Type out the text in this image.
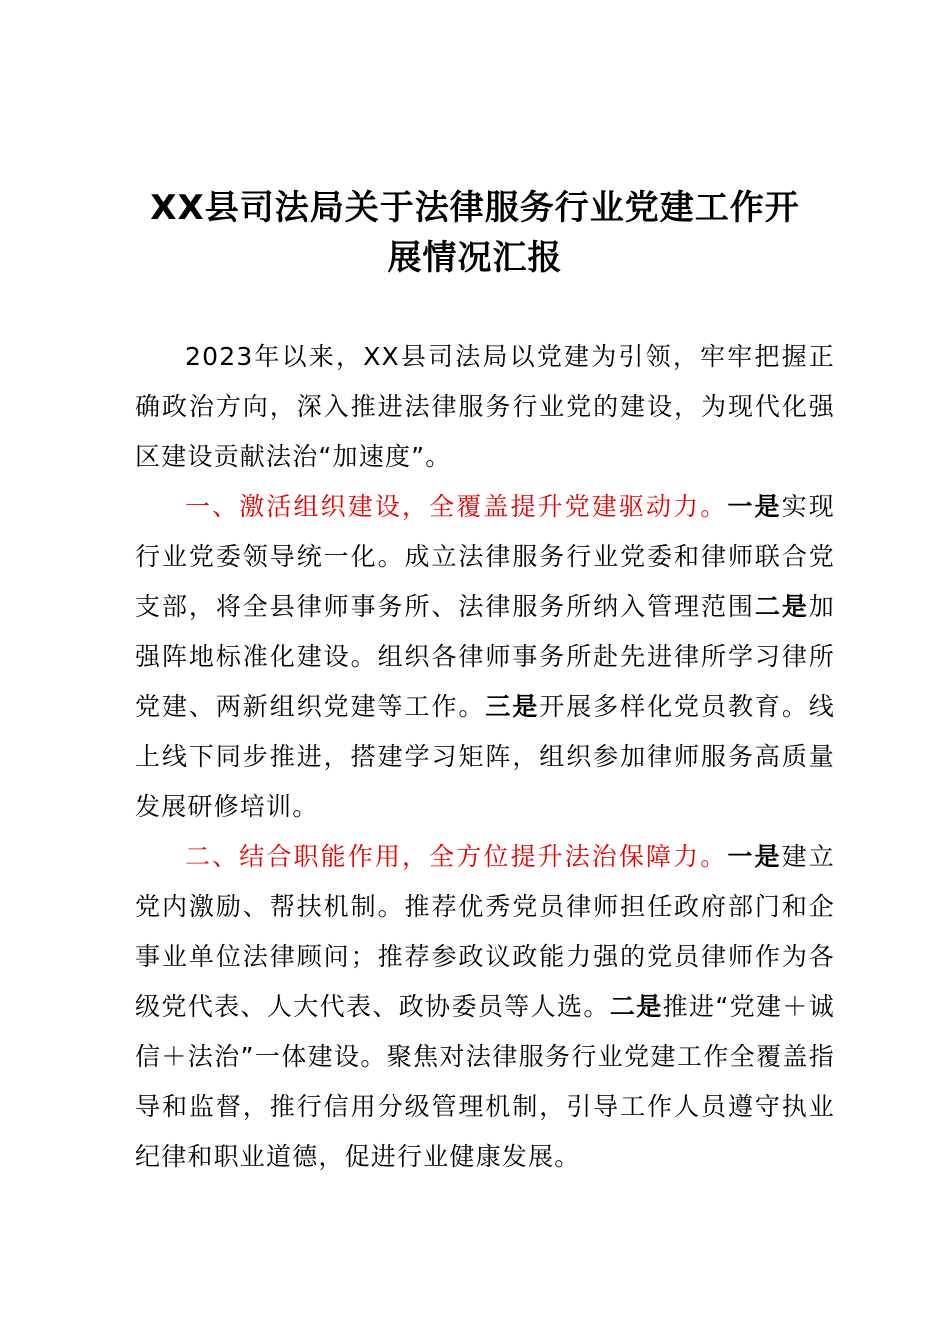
XX县司法局关于法律服务行业党建工作开
展情况汇报

2023年以来，XX县司法局以党建为引领，牢牢把握正确政治方向，深入推进法律服务行业党的建设，为现代化强区建设贡献法治“加速度”。

一、激活组织建设，全覆盖提升党建驱动力。一是实现行业党委领导统一化。成立法律服务行业党委和律师联合党支部，将全县律师事务所、法律服务所纳入管理范围二是加强阵地标准化建设。组织各律师事务所赴先进律所学习律所党建、两新组织党建等工作。三是开展多样化党员教育。线上线下同步推进，搭建学习矩阵，组织参加律师服务高质量发展研修培训。

二、结合职能作用，全方位提升法治保障力。一是建立党内激励、帮扶机制。推荐优秀党员律师担任政府部门和企事业单位法律顾问；推荐参政议政能力强的党员律师作为各级党代表、人大代表、政协委员等人选。二是推进“党建＋诚信＋法治”一体建设。聚焦对法律服务行业党建工作全覆盖指导和监督，推行信用分级管理机制，引导工作人员遵守执业纪律和职业道德，促进行业健康发展。
